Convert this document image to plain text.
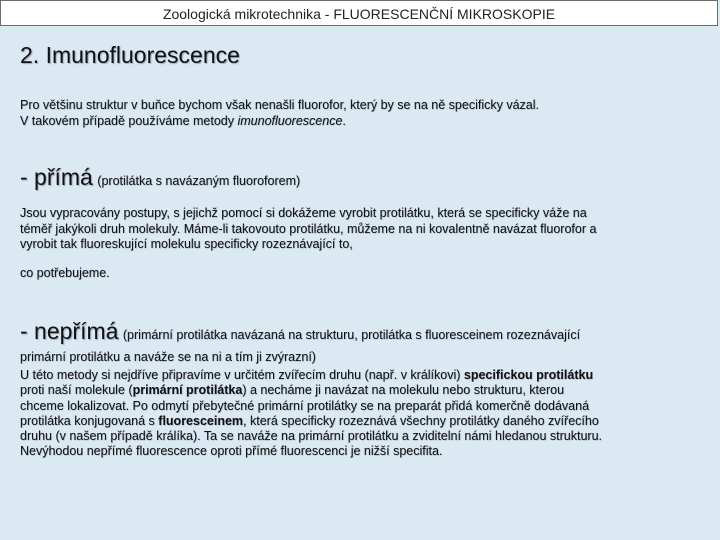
Zoologická mikrotechnika - FLUORESCENČNÍ MIKROSKOPIE
2. Imunofluorescence
Pro většinu struktur v buňce bychom však nenašli fluorofor, který by se na ně specificky vázal.
V takovém případě používáme metody imunofluorescence.
- přímá (protilátka s navázaným fluoroforem)
Jsou vypracovány postupy, s jejichž pomocí si dokážeme vyrobit protilátku, která se specificky váže na téměř jakýkoli druh molekuly. Máme-li takovouto protilátku, můžeme na ni kovalentně navázat fluorofor a vyrobit tak fluoreskující molekulu specificky rozeznávající to,
co potřebujeme.
- nepřímá (primární protilátka navázaná na strukturu, protilátka s fluoresceinem rozeznávající primární protilátku a naváže se na ni a tím ji zvýrazní)
U této metody si nejdříve připravíme v určitém zvířecím druhu (např. v králíkovi) specifickou protilátku proti naší molekule (primární protilátka) a necháme ji navázat na molekulu nebo strukturu, kterou chceme lokalizovat. Po odmytí přebytečné primární protilátky se na preparát přidá komerčně dodávaná protilátka konjugovaná s fluoresceinem, která specificky rozeznává všechny protilátky daného zvířecího druhu (v našem případě králíka). Ta se naváže na primární protilátku a zviditelní námi hledanou strukturu. Nevýhodou nepřímé fluorescence oproti přímé fluorescenci je nižší specifita.
